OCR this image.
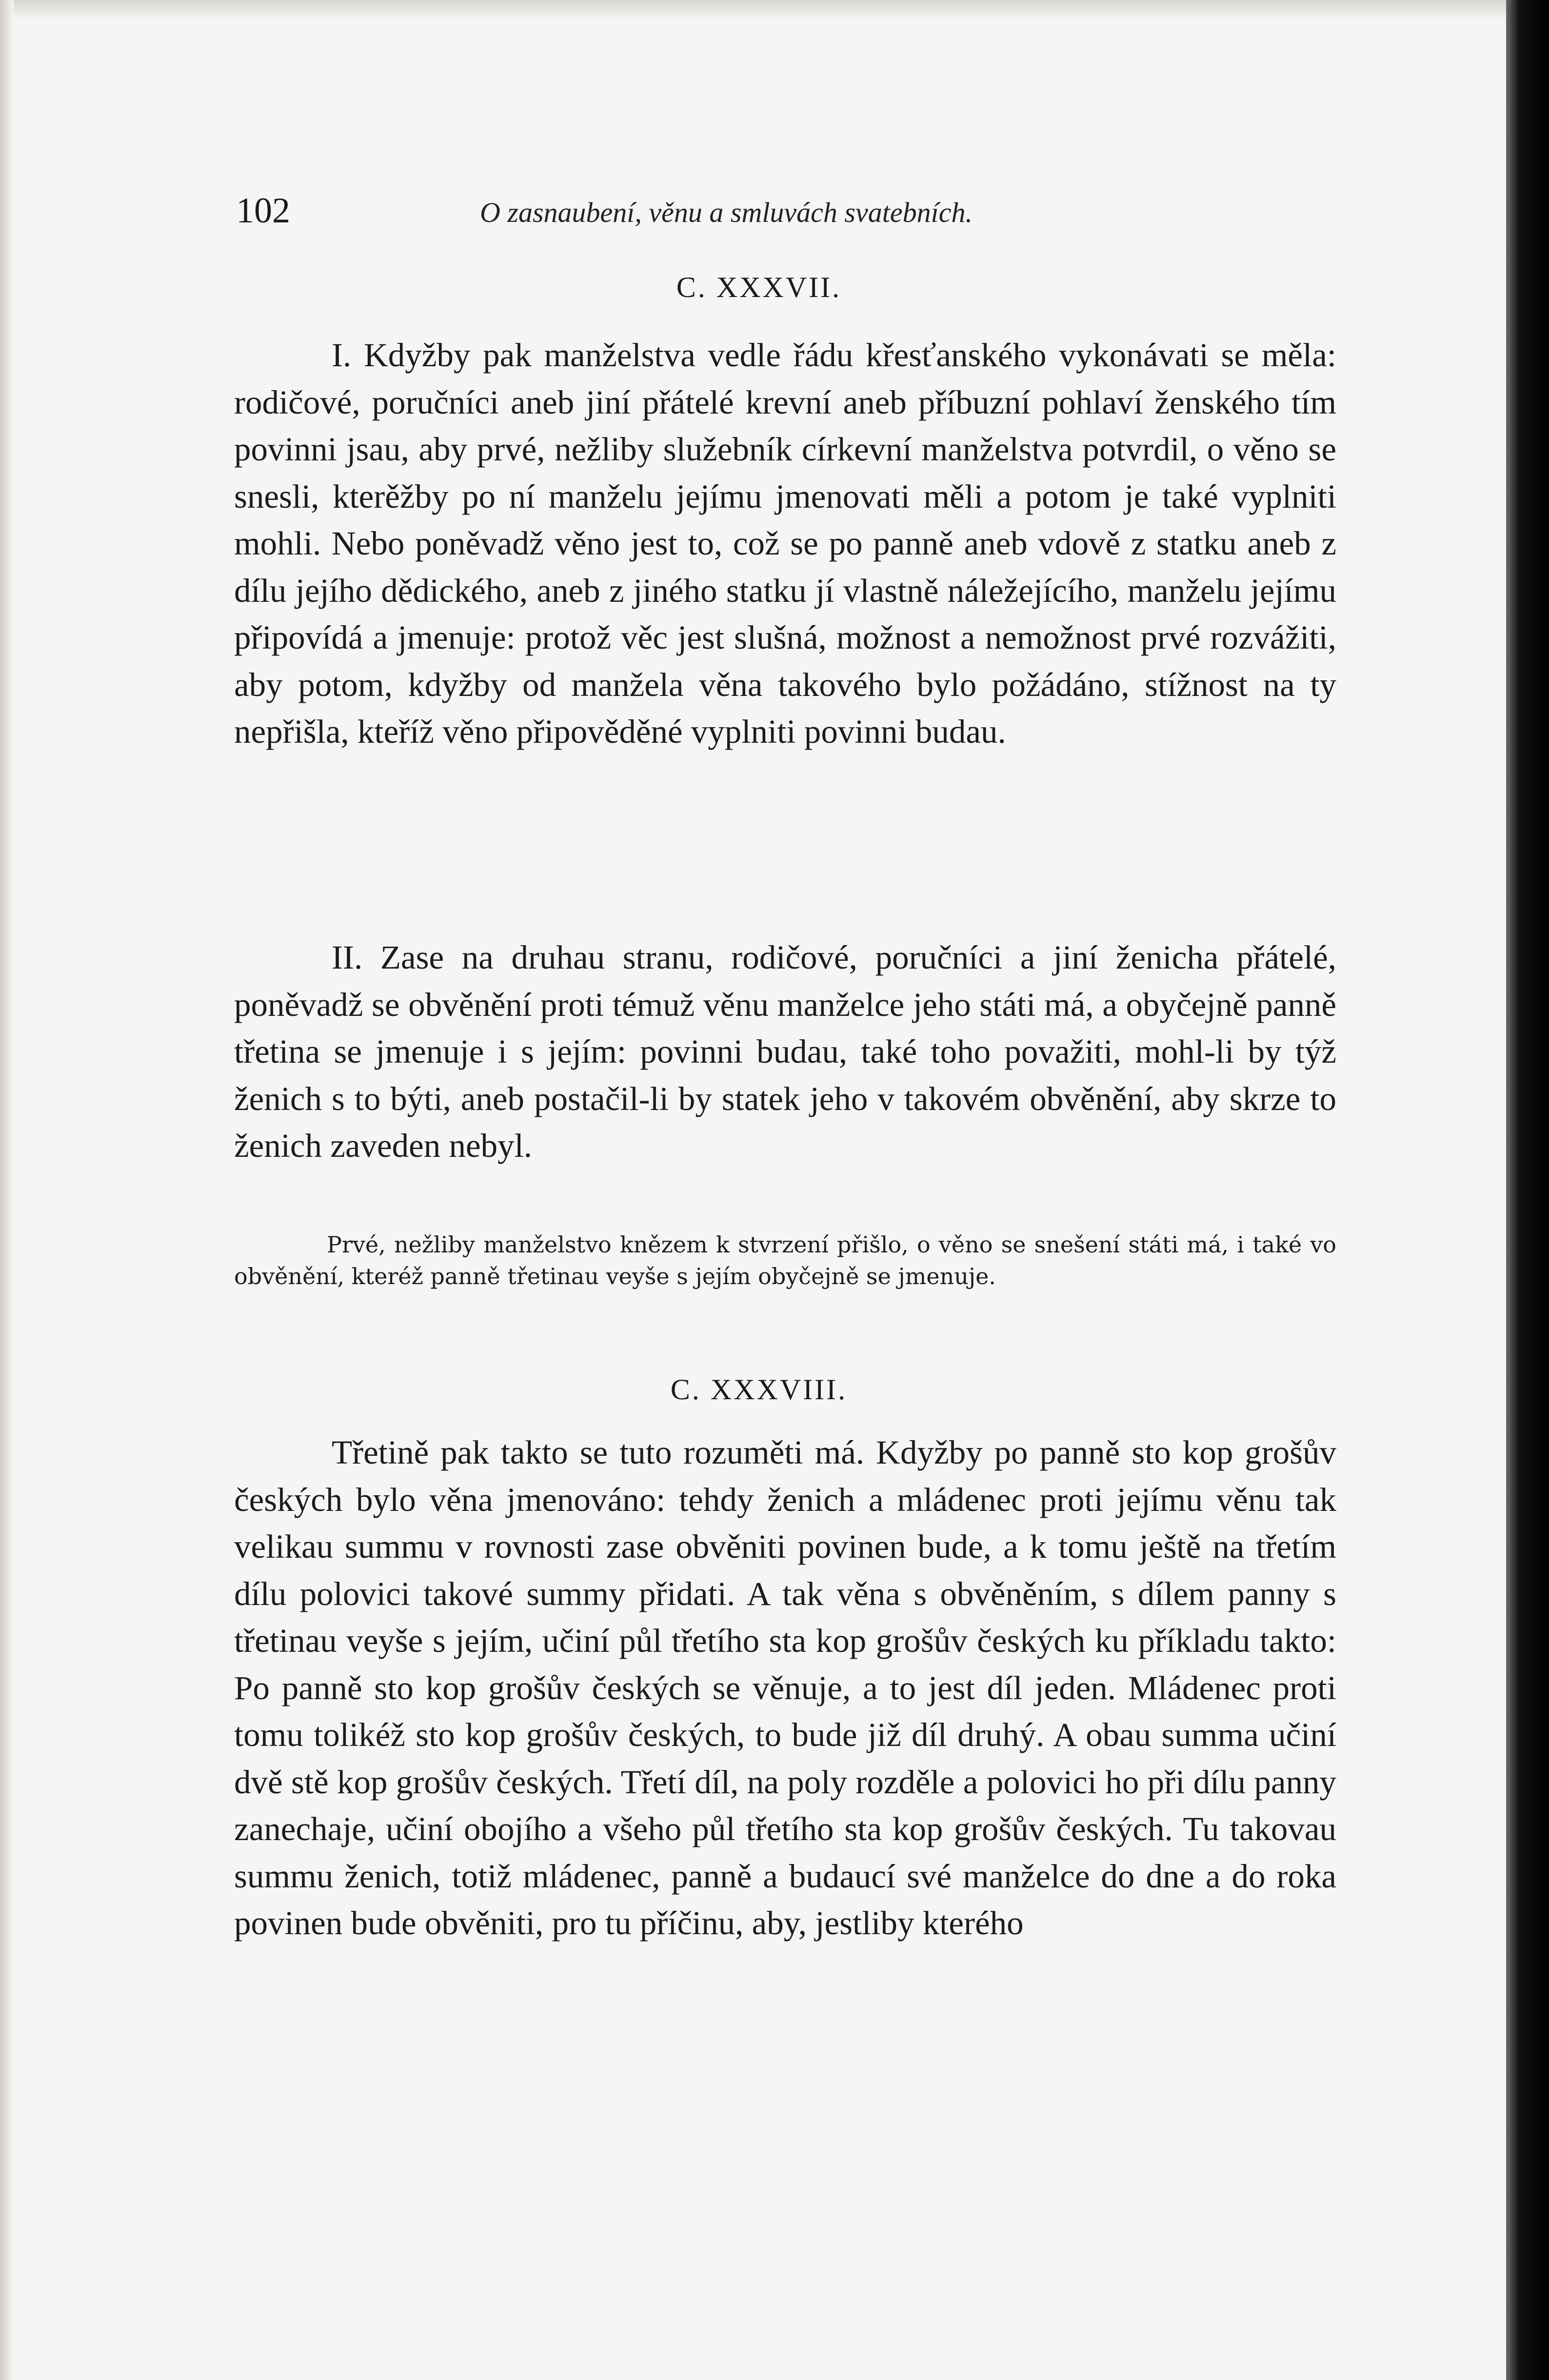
102	O zasnaubení, věnu a smluvách svatebních.
C. XXXVII.

I. Kdyžby pak manželstva vedle řádu křesťanského vykonávati se měla: rodičové, poručníci aneb jiní přátelé krevní aneb příbuzní pohlaví ženského tím povinni jsau, aby prvé, nežliby služebník církevní manželstva potvrdil, o věno se snesli, kterěžby po ní manželu jejímu jmenovati měli a potom je také vyplniti mohli. Nebo poněvadž věno jest to, což se po panně aneb vdově z statku aneb z dílu jejího dědického, aneb z jiného statku jí vlastně náležejícího, manželu jejímu připovídá a jmenuje: protož věc jest slušná, možnost a nemožnost prvé rozvážiti, aby potom, kdyžby od manžela věna takového bylo požádáno, stížnost na ty nepřišla, kteříž věno připověděné vyplniti povinni budau.

II. Zase na druhau stranu, rodičové, poručníci a jiní ženicha přátelé, poněvadž se obvěnění proti témuž věnu manželce jeho státi má, a obyčejně panně třetina se jmenuje i s jejím: povinni budau, také toho považiti, mohl-li by týž ženich s to býti, aneb postačil-li by statek jeho v takovém obvěnění, aby skrze to ženich zaveden nebyl.

Prvé, nežliby manželstvo knězem k stvrzení přišlo, o věno se snešení státi má, i také vo obvěnění, kteréž panně třetinau veyše s jejím obyčejně se jmenuje.

C. XXXVIII.

Třetině pak takto se tuto rozuměti má. Kdyžby po panně sto kop grošův českých bylo věna jmenováno: tehdy ženich a mládenec proti jejímu věnu tak velikau summu v rovnosti zase obvěniti povinen bude, a k tomu ještě na třetím dílu polovici takové summy přidati. A tak věna s obvěněním, s dílem panny s třetinau veyše s jejím, učiní půl třetího sta kop grošův českých ku příkladu takto: Po panně sto kop grošův českých se věnuje, a to jest díl jeden. Mládenec proti tomu tolikéž sto kop grošův českých, to bude již díl druhý. A obau summa učiní dvě stě kop grošův českých. Třetí díl, na poly rozděle a polovici ho při dílu panny zanechaje, učiní obojího a všeho půl třetího sta kop grošův českých. Tu takovau summu ženich, totiž mládenec, panně a budaucí své manželce do dne a do roka povinen bude obvěniti, pro tu příčinu, aby, jestliby kterého
